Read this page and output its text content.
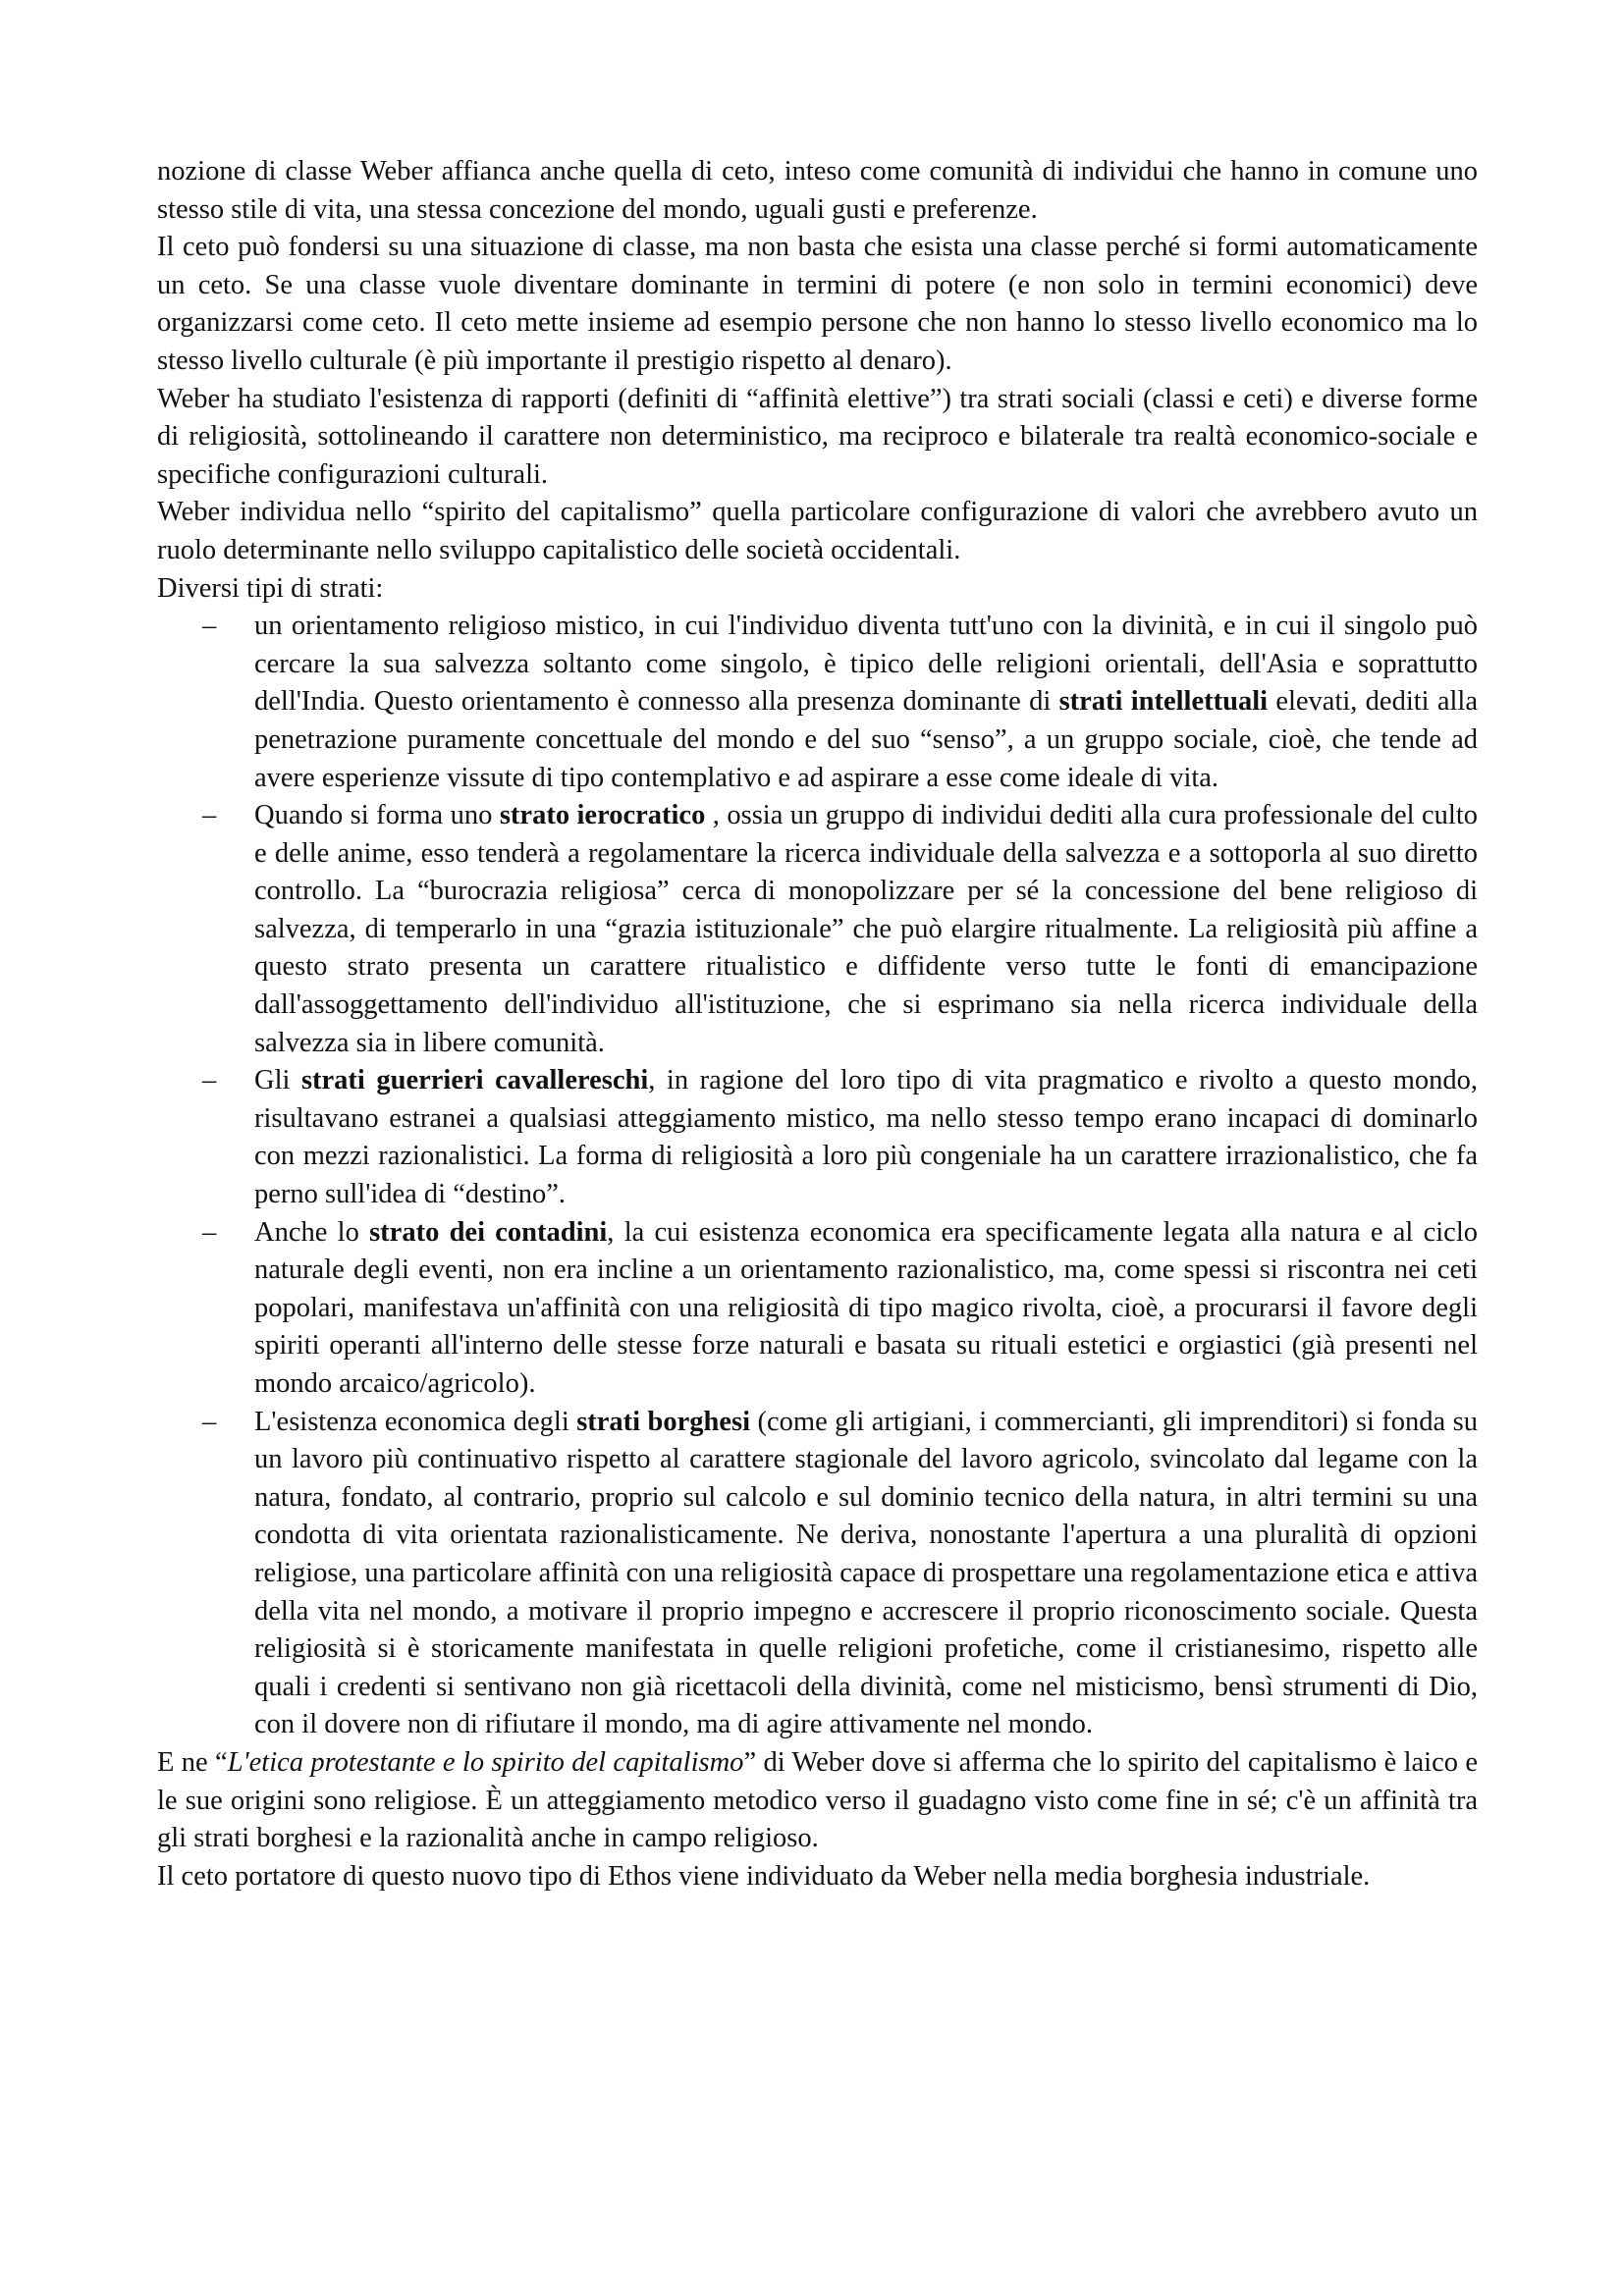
nozione di classe Weber affianca anche quella di ceto, inteso come comunità di individui che hanno in comune uno stesso stile di vita, una stessa concezione del mondo, uguali gusti e preferenze.

Il ceto può fondersi su una situazione di classe, ma non basta che esista una classe perché si formi automaticamente un ceto. Se una classe vuole diventare dominante in termini di potere (e non solo in termini economici) deve organizzarsi come ceto. Il ceto mette insieme ad esempio persone che non hanno lo stesso livello economico ma lo stesso livello culturale (è più importante il prestigio rispetto al denaro).

Weber ha studiato l'esistenza di rapporti (definiti di “affinità elettive”) tra strati sociali (classi e ceti) e diverse forme di religiosità, sottolineando il carattere non deterministico, ma reciproco e bilaterale tra realtà economico-sociale e specifiche configurazioni culturali.

Weber individua nello “spirito del capitalismo” quella particolare configurazione di valori che avrebbero avuto un ruolo determinante nello sviluppo capitalistico delle società occidentali.

Diversi tipi di strati:

– un orientamento religioso mistico, in cui l'individuo diventa tutt'uno con la divinità, e in cui il singolo può cercare la sua salvezza soltanto come singolo, è tipico delle religioni orientali, dell'Asia e soprattutto dell'India. Questo orientamento è connesso alla presenza dominante di strati intellettuali elevati, dediti alla penetrazione puramente concettuale del mondo e del suo “senso”, a un gruppo sociale, cioè, che tende ad avere esperienze vissute di tipo contemplativo e ad aspirare a esse come ideale di vita.
– Quando si forma uno strato ierocratico , ossia un gruppo di individui dediti alla cura professionale del culto e delle anime, esso tenderà a regolamentare la ricerca individuale della salvezza e a sottoporla al suo diretto controllo. La “burocrazia religiosa” cerca di monopolizzare per sé la concessione del bene religioso di salvezza, di temperarlo in una “grazia istituzionale” che può elargire ritualmente. La religiosità più affine a questo strato presenta un carattere ritualistico e diffidente verso tutte le fonti di emancipazione dall'assoggettamento dell'individuo all'istituzione, che si esprimano sia nella ricerca individuale della salvezza sia in libere comunità.
– Gli strati guerrieri cavallereschi, in ragione del loro tipo di vita pragmatico e rivolto a questo mondo, risultavano estranei a qualsiasi atteggiamento mistico, ma nello stesso tempo erano incapaci di dominarlo con mezzi razionalistici. La forma di religiosità a loro più congeniale ha un carattere irrazionalistico, che fa perno sull'idea di “destino”.
– Anche lo strato dei contadini, la cui esistenza economica era specificamente legata alla natura e al ciclo naturale degli eventi, non era incline a un orientamento razionalistico, ma, come spessi si riscontra nei ceti popolari, manifestava un'affinità con una religiosità di tipo magico rivolta, cioè, a procurarsi il favore degli spiriti operanti all'interno delle stesse forze naturali e basata su rituali estetici e orgiastici (già presenti nel mondo arcaico/agricolo).
– L'esistenza economica degli strati borghesi (come gli artigiani, i commercianti, gli imprenditori) si fonda su un lavoro più continuativo rispetto al carattere stagionale del lavoro agricolo, svincolato dal legame con la natura, fondato, al contrario, proprio sul calcolo e sul dominio tecnico della natura, in altri termini su una condotta di vita orientata razionalisticamente. Ne deriva, nonostante l'apertura a una pluralità di opzioni religiose, una particolare affinità con una religiosità capace di prospettare una regolamentazione etica e attiva della vita nel mondo, a motivare il proprio impegno e accrescere il proprio riconoscimento sociale. Questa religiosità si è storicamente manifestata in quelle religioni profetiche, come il cristianesimo, rispetto alle quali i credenti si sentivano non già ricettacoli della divinità, come nel misticismo, bensì strumenti di Dio, con il dovere non di rifiutare il mondo, ma di agire attivamente nel mondo.

E ne “L'etica protestante e lo spirito del capitalismo” di Weber dove si afferma che lo spirito del capitalismo è laico e le sue origini sono religiose. È un atteggiamento metodico verso il guadagno visto come fine in sé; c'è un affinità tra gli strati borghesi e la razionalità anche in campo religioso.

Il ceto portatore di questo nuovo tipo di Ethos viene individuato da Weber nella media borghesia industriale.
